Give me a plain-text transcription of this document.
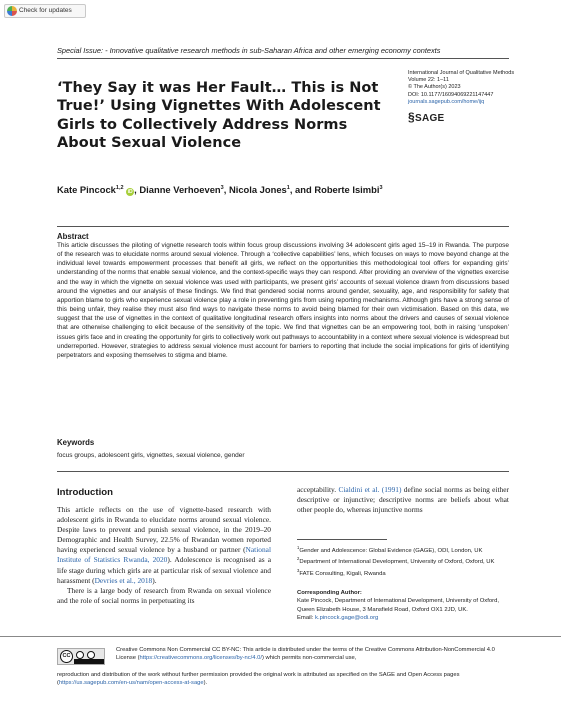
Check for updates
Special Issue: - Innovative qualitative research methods in sub-Saharan Africa and other emerging economy contexts
‘They Say it was Her Fault… This is Not True!’ Using Vignettes With Adolescent Girls to Collectively Address Norms About Sexual Violence
International Journal of Qualitative Methods
Volume 22: 1–11
© The Author(s) 2023
DOI: 10.1177/16094069221147447
journals.sagepub.com/home/ijq
§SAGE
Kate Pincock$^{1,2}$ iD , Dianne Verhoeven$^3$, Nicola Jones$^1$, and Roberte Isimbi$^3$
Abstract
This article discusses the piloting of vignette research tools within focus group discussions involving 34 adolescent girls aged 15–19 in Rwanda. The purpose of the research was to elucidate norms around sexual violence. Through a ‘collective capabilities’ lens, which focuses on ways to move beyond change at the individual level towards empowerment processes that benefit all girls, we reflect on the opportunities this methodological tool offers for expanding girls’ understanding of the norms that enable sexual violence, and the context-specific ways they can respond. After providing an overview of the vignettes exercise and the way in which the vignette on sexual violence was used with participants, we present girls’ accounts of sexual violence drawn from discussions based around the vignettes and our analysis of these findings. We find that gendered social norms around gender, sexuality, age, and responsibility for safety that apportion blame to girls who experience sexual violence play a role in preventing girls from using reporting mechanisms. Although girls have a strong sense of this being unfair, they realise they must also find ways to navigate these norms to avoid being blamed for their own victimisation. Based on this data, we suggest that the use of vignettes in the context of qualitative longitudinal research offers insights into norms about the drivers and causes of sexual violence that are otherwise challenging to elicit because of the sensitivity of the topic. We find that vignettes can be an empowering tool, both in raising ‘unspoken’ issues girls face and in creating the opportunity for girls to collectively work out pathways to accountability in a context where sexual violence is widespread but underreported. However, strategies to address sexual violence must account for barriers to reporting that include the social implications for girls of identifying perpetrators and exposing themselves to stigma and blame.
Keywords
focus groups, adolescent girls, vignettes, sexual violence, gender
Introduction

This article reflects on the use of vignette-based research with adolescent girls in Rwanda to elucidate norms around sexual violence. Despite laws to prevent and punish sexual violence, in the 2019–20 Demographic and Health Survey, 22.5% of Rwandan women reported having experienced sexual violence by a husband or partner (National Institute of Statistics Rwanda, 2020). Adolescence is recognised as a life stage during which girls are at particular risk of sexual violence and harassment (Devries et al., 2018).

There is a large body of research from Rwanda on sexual violence and the role of social norms in perpetuating its

acceptability. Cialdini et al. (1991) define social norms as being either descriptive or injunctive; descriptive norms are beliefs about what other people do, whereas injunctive norms
$^1$Gender and Adolescence: Global Evidence (GAGE), ODI, London, UK
$^2$Department of International Development, University of Oxford, Oxford, UK
$^3$FATE Consulting, Kigali, Rwanda
Corresponding Author:
Kate Pincock, Department of International Development, University of Oxford, Queen Elizabeth House, 3 Mansfield Road, Oxford OX1 2JD, UK.
Email: k.pincock.gage@odi.org
CC
BY NC
Creative Commons Non Commercial CC BY-NC: This article is distributed under the terms of the Creative Commons Attribution-NonCommercial 4.0 License (https://creativecommons.org/licenses/by-nc/4.0/) which permits non-commercial use,
reproduction and distribution of the work without further permission provided the original work is attributed as specified on the SAGE and Open Access pages (https://us.sagepub.com/en-us/nam/open-access-at-sage).
